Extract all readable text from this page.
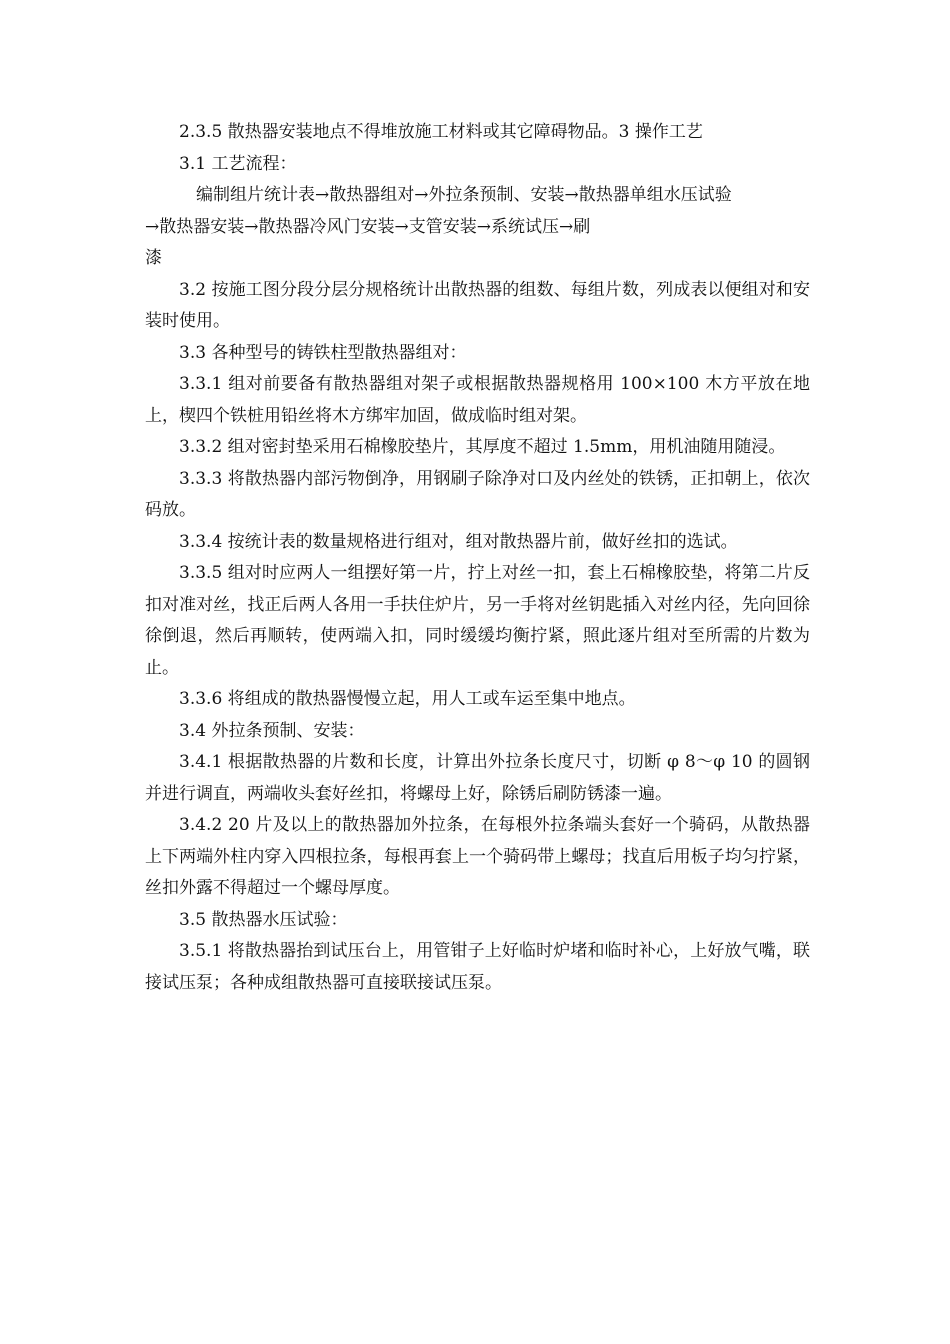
2.3.5 散热器安装地点不得堆放施工材料或其它障碍物品。3 操作工艺

3.1 工艺流程：

编制组片统计表→散热器组对→外拉条预制、安装→散热器单组水压试验

→散热器安装→散热器冷风门安装→支管安装→系统试压→刷

漆

3.2 按施工图分段分层分规格统计出散热器的组数、每组片数，列成表以便组对和安装时使用。

3.3 各种型号的铸铁柱型散热器组对：

3.3.1 组对前要备有散热器组对架子或根据散热器规格用 100×100 木方平放在地上，楔四个铁桩用铅丝将木方绑牢加固，做成临时组对架。

3.3.2 组对密封垫采用石棉橡胶垫片，其厚度不超过 1.5mm，用机油随用随浸。

3.3.3 将散热器内部污物倒净，用钢刷子除净对口及内丝处的铁锈，正扣朝上，依次码放。

3.3.4 按统计表的数量规格进行组对，组对散热器片前，做好丝扣的选试。

3.3.5 组对时应两人一组摆好第一片，拧上对丝一扣，套上石棉橡胶垫，将第二片反扣对准对丝，找正后两人各用一手扶住炉片，另一手将对丝钥匙插入对丝内径，先向回徐徐倒退，然后再顺转，使两端入扣，同时缓缓均衡拧紧，照此逐片组对至所需的片数为止。

3.3.6 将组成的散热器慢慢立起，用人工或车运至集中地点。

3.4 外拉条预制、安装：

3.4.1 根据散热器的片数和长度，计算出外拉条长度尺寸，切断 φ 8～φ 10 的圆钢并进行调直，两端收头套好丝扣，将螺母上好，除锈后刷防锈漆一遍。

3.4.2 20 片及以上的散热器加外拉条，在每根外拉条端头套好一个骑码，从散热器上下两端外柱内穿入四根拉条，每根再套上一个骑码带上螺母；找直后用板子均匀拧紧，丝扣外露不得超过一个螺母厚度。

3.5 散热器水压试验：

3.5.1 将散热器抬到试压台上，用管钳子上好临时炉堵和临时补心，上好放气嘴，联接试压泵；各种成组散热器可直接联接试压泵。
